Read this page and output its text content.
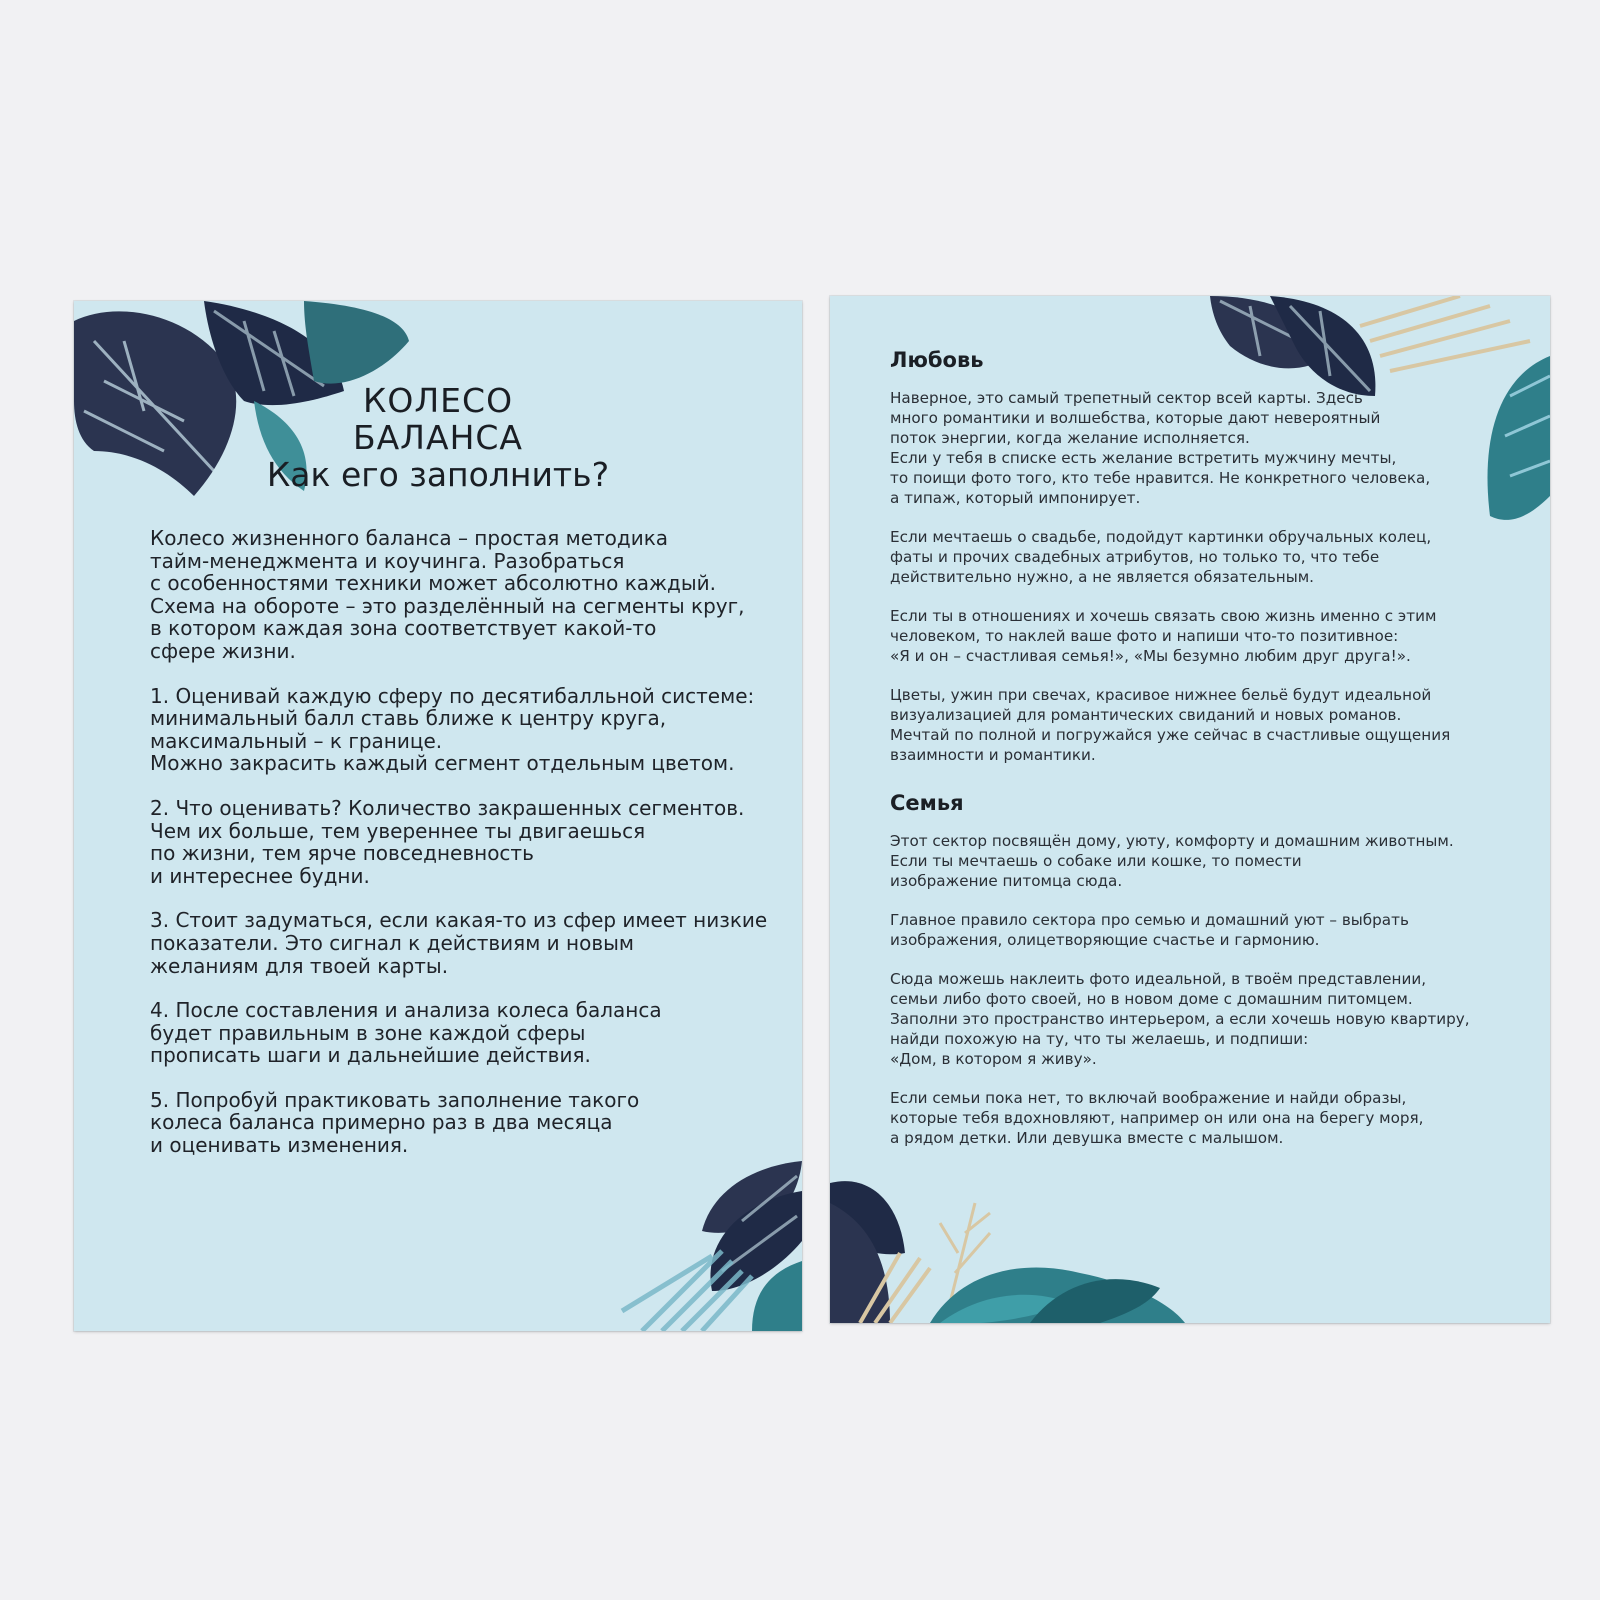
КОЛЕСО
БАЛАНСА
Как его заполнить?

Колесо жизненного баланса – простая методика
тайм-менеджмента и коучинга. Разобраться
с особенностями техники может абсолютно каждый.
Схема на обороте – это разделённый на сегменты круг,
в котором каждая зона соответствует какой-то
сфере жизни.

1. Оценивай каждую сферу по десятибалльной системе:
минимальный балл ставь ближе к центру круга,
максимальный – к границе.
Можно закрасить каждый сегмент отдельным цветом.

2. Что оценивать? Количество закрашенных сегментов.
Чем их больше, тем увереннее ты двигаешься
по жизни, тем ярче повседневность
и интереснее будни.

3. Стоит задуматься, если какая-то из сфер имеет низкие
показатели. Это сигнал к действиям и новым
желаниям для твоей карты.

4. После составления и анализа колеса баланса
будет правильным в зоне каждой сферы
прописать шаги и дальнейшие действия.

5. Попробуй практиковать заполнение такого
колеса баланса примерно раз в два месяца
и оценивать изменения.

Любовь

Наверное, это самый трепетный сектор всей карты. Здесь
много романтики и волшебства, которые дают невероятный
поток энергии, когда желание исполняется.
Если у тебя в списке есть желание встретить мужчину мечты,
то поищи фото того, кто тебе нравится. Не конкретного человека,
а типаж, который импонирует.

Если мечтаешь о свадьбе, подойдут картинки обручальных колец,
фаты и прочих свадебных атрибутов, но только то, что тебе
действительно нужно, а не является обязательным.

Если ты в отношениях и хочешь связать свою жизнь именно с этим
человеком, то наклей ваше фото и напиши что-то позитивное:
«Я и он – счастливая семья!», «Мы безумно любим друг друга!».

Цветы, ужин при свечах, красивое нижнее бельё будут идеальной
визуализацией для романтических свиданий и новых романов.
Мечтай по полной и погружайся уже сейчас в счастливые ощущения
взаимности и романтики.

Семья

Этот сектор посвящён дому, уюту, комфорту и домашним животным.
Если ты мечтаешь о собаке или кошке, то помести
изображение питомца сюда.

Главное правило сектора про семью и домашний уют – выбрать
изображения, олицетворяющие счастье и гармонию.

Сюда можешь наклеить фото идеальной, в твоём представлении,
семьи либо фото своей, но в новом доме с домашним питомцем.
Заполни это пространство интерьером, а если хочешь новую квартиру,
найди похожую на ту, что ты желаешь, и подпиши:
«Дом, в котором я живу».

Если семьи пока нет, то включай воображение и найди образы,
которые тебя вдохновляют, например он или она на берегу моря,
а рядом детки. Или девушка вместе с малышом.
